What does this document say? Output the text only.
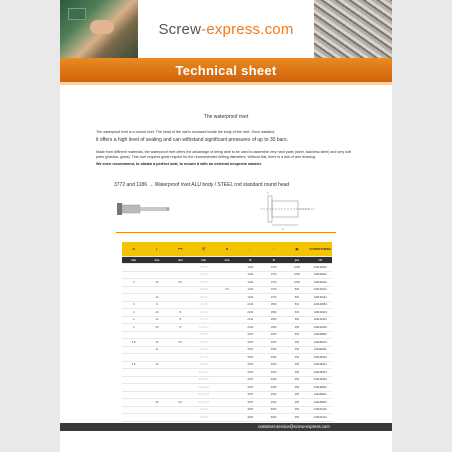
Screw-express.com
Technical sheet
The waterproof rivet
The waterproof rivet is a closed rivet. The head of the nail is enclosed inside the body of the rivet. Once installed,
it offers a high level of sealing and can withstand significant pressures of up to 30 bars.
Made from different materials, the waterproof rivet offers the advantage of being able to be used to assemble very hard parts (steel, stainless steel) and very soft parts (plastics, glass). This rivet requires great respect for the recommended drilling diameters. Without this, there is a risk of wire drawing.
We even recommend, to obtain a perfect seal, to mount it with an external neoprene washer.
3772 and 1186 → Waterproof rivet ALU body / STEEL rod standard round head
L
Ø	L	⟷	☰	⇅	↔	↕	▣	CONDITIONING
mm	mm	mm	mm	mm	N	N	pcs	ref
			0.5-3.0		1240	1070	1000	120130001
			2.0-4.5		1240	1070	1000	120130001
3	10	6.5	4.5-6.5		1240	1070	1000	120130101
			6.5-9.5	3.5	1240	1070	500	120130121
	14		9.5-11		1240	1070	500	120130141
4	8		0.5-3.5		2140	1560	500	120140081
4	10	8	3.0-5.0		2140	1560	500	120140101
4	12	8	5.0-7.0		2140	1560	500	120140121
4	15	8	7.0-10.0		2140	1560	250	120140151
			1.0-3.5		3070	2300	500	120148081
4.8	10	9.5	3.0-5.0		3070	2300	250	120148101
	11		4.0-6.0		3070	2300	250	120148111
			5.0-7.0		3070	2300	250	120148121
4.8	14		6.5-9.5		3070	2300	250	120148141
			8.0-11.0		3070	2300	250	120148151
			9.5-12.5		3070	2300	250	120148161
			13.0-16.0		3070	2300	250	120148201
			16.0-19.5		3070	2300	250	120148211
	25	9.5	19.5-23.0		3070	2300	250	120148251
			2.0-5.0		4450	3300	250	120164101
			5.0-8.0		4450	3300	250	120164121
customer.service@screw-express.com
